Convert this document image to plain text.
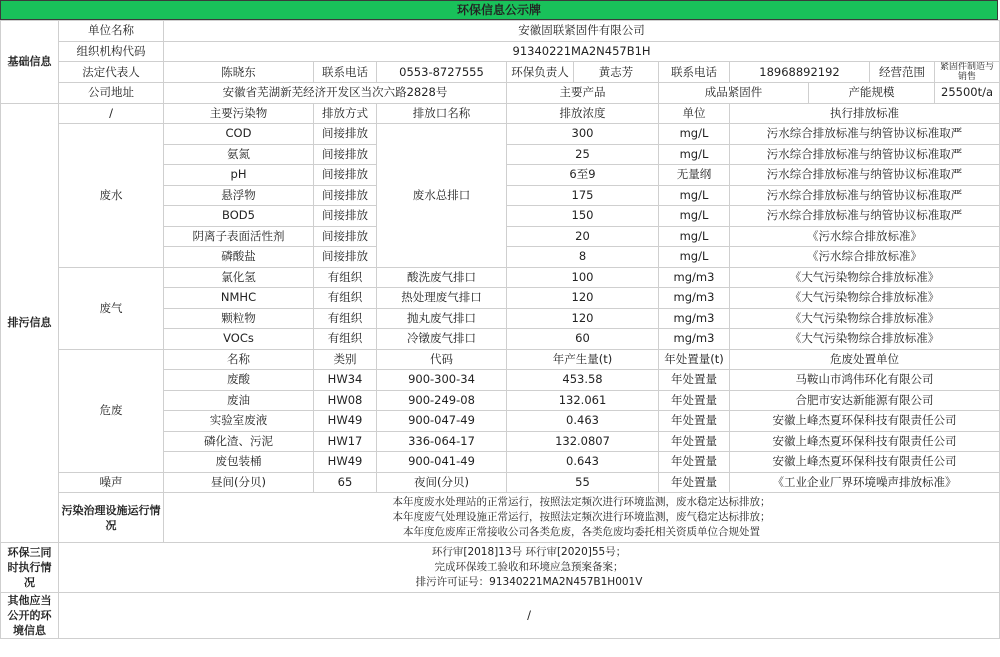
环保信息公示牌
基础信息	单位名称	安徽固联紧固件有限公司									
	组织机构代码	91340221MA2N457B1H									
	法定代表人	陈晓东	联系电话	0553-8727555	环保负责人	黄志芳	联系电话	18968892192		经营范围	紧固件制造与销售
	公司地址	安徽省芜湖新芜经济开发区当次六路2828号			主要产品		成品紧固件		产能规模		25500t/a
排污信息	/	主要污染物	排放方式	排放口名称	排放浓度		单位	执行排放标准			
	废水	COD	间接排放	废水总排口	300		mg/L	污水综合排放标准与纳管协议标准取严			
		氨氮	间接排放		25		mg/L	污水综合排放标准与纳管协议标准取严			
		pH	间接排放		6至9		无量纲	污水综合排放标准与纳管协议标准取严			
		悬浮物	间接排放		175		mg/L	污水综合排放标准与纳管协议标准取严			
		BOD5	间接排放		150		mg/L	污水综合排放标准与纳管协议标准取严			
		阴离子表面活性剂	间接排放		20		mg/L	《污水综合排放标准》			
		磷酸盐	间接排放		8		mg/L	《污水综合排放标准》			
	废气	氯化氢	有组织	酸洗废气排口	100		mg/m3	《大气污染物综合排放标准》			
		NMHC	有组织	热处理废气排口	120		mg/m3	《大气污染物综合排放标准》			
		颗粒物	有组织	抛丸废气排口	120		mg/m3	《大气污染物综合排放标准》			
		VOCs	有组织	冷镦废气排口	60		mg/m3	《大气污染物综合排放标准》			
	危废	名称	类别	代码	年产生量(t)		年处置量(t)	危废处置单位			
		废酸	HW34	900-300-34	453.58		年处置量	马鞍山市鸿伟环化有限公司			
		废油	HW08	900-249-08	132.061		年处置量	合肥市安达新能源有限公司			
		实验室废液	HW49	900-047-49	0.463		年处置量	安徽上峰杰夏环保科技有限责任公司			
		磷化渣、污泥	HW17	336-064-17	132.0807		年处置量	安徽上峰杰夏环保科技有限责任公司			
		废包装桶	HW49	900-041-49	0.643		年处置量	安徽上峰杰夏环保科技有限责任公司			
	噪声	昼间(分贝)	65	夜间(分贝)	55		年处置量	《工业企业厂界环境噪声排放标准》			
	污染治理设施运行情况	本年度废水处理站的正常运行，按照法定频次进行环境监测，废水稳定达标排放；
本年度废气处理设施正常运行，按照法定频次进行环境监测，废气稳定达标排放；
本年度危废库正常接收公司各类危废，各类危废均委托相关资质单位合规处置									

环保三同时执行情况	环行审[2018]13号 环行审[2020]55号；
完成环保竣工验收和环境应急预案备案；
排污许可证号：91340221MA2N457B1H001V										

其他应当公开的环境信息	/										
